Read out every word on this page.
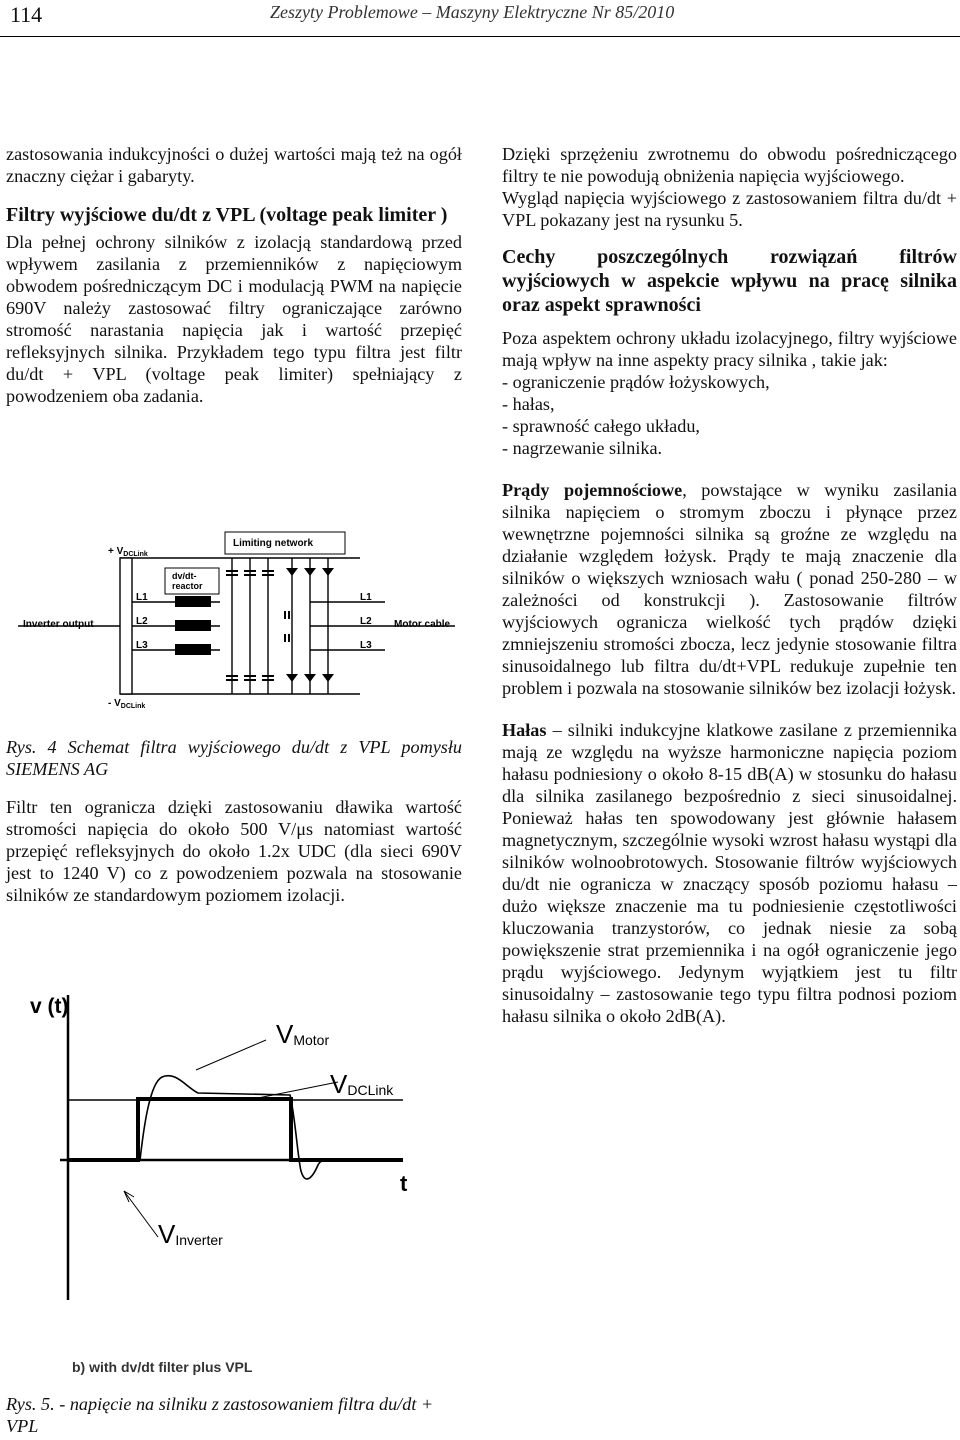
114	Zeszyty Problemowe – Maszyny Elektryczne Nr 85/2010

zastosowania indukcyjności o dużej wartości mają też na ogół znaczny ciężar i gabaryty.

Filtry wyjściowe du/dt z VPL (voltage peak limiter )

Dla pełnej ochrony silników z izolacją standardową przed wpływem zasilania z przemienników z napięciowym obwodem pośredniczącym DC i modulacją PWM na napięcie 690V należy zastosować filtry ograniczające zarówno stromość narastania napięcia jak i wartość przepięć refleksyjnych silnika. Przykładem tego typu filtra jest filtr du/dt + VPL (voltage peak limiter) spełniający z powodzeniem oba zadania.

Limiting network
+ $V_{DCLink}$
- $V_{DCLink}$
dv/dt-
reactor
Inverter output	Motor cable
L1
L2
L3
L1
L2
L3

Rys. 4 Schemat filtra wyjściowego du/dt z VPL pomysłu SIEMENS AG

Filtr ten ogranicza dzięki zastosowaniu dławika wartość stromości napięcia do około 500 V/μs natomiast wartość przepięć refleksyjnych do około 1.2x UDC (dla sieci 690V jest to 1240 V) co z powodzeniem pozwala na stosowanie silników ze standardowym poziomem izolacji.

v (t)
t
VMotor
VDCLink
VInverter
b) with dv/dt filter plus VPL

Rys. 5. - napięcie na silniku z zastosowaniem filtra du/dt + VPL

Dzięki sprzężeniu zwrotnemu do obwodu pośredniczącego filtry te nie powodują obniżenia napięcia wyjściowego.

Wygląd napięcia wyjściowego z zastosowaniem filtra du/dt + VPL pokazany jest na rysunku 5.

Cechy poszczególnych rozwiązań filtrów wyjściowych w aspekcie wpływu na pracę silnika oraz aspekt sprawności

Poza aspektem ochrony układu izolacyjnego, filtry wyjściowe mają wpływ na inne aspekty pracy silnika , takie jak:

- ograniczenie prądów łożyskowych,

- hałas,

- sprawność całego układu,

- nagrzewanie silnika.

Prądy pojemnościowe, powstające w wyniku zasilania silnika napięciem o stromym zboczu i płynące przez wewnętrzne pojemności silnika są groźne ze względu na działanie względem łożysk. Prądy te mają znaczenie dla silników o większych wzniosach wału ( ponad 250-280 – w zależności od konstrukcji ). Zastosowanie filtrów wyjściowych ogranicza wielkość tych prądów dzięki zmniejszeniu stromości zbocza, lecz jedynie stosowanie filtra sinusoidalnego lub filtra du/dt+VPL redukuje zupełnie ten problem i pozwala na stosowanie silników bez izolacji łożysk.

Hałas – silniki indukcyjne klatkowe zasilane z przemiennika mają ze względu na wyższe harmoniczne napięcia poziom hałasu podniesiony o około 8-15 dB(A) w stosunku do hałasu dla silnika zasilanego bezpośrednio z sieci sinusoidalnej. Ponieważ hałas ten spowodowany jest głównie hałasem magnetycznym, szczególnie wysoki wzrost hałasu wystąpi dla silników wolnoobrotowych. Stosowanie filtrów wyjściowych du/dt nie ogranicza w znaczący sposób poziomu hałasu – dużo większe znaczenie ma tu podniesienie częstotliwości kluczowania tranzystorów, co jednak niesie za sobą powiększenie strat przemiennika i na ogół ograniczenie jego prądu wyjściowego. Jedynym wyjątkiem jest tu filtr sinusoidalny – zastosowanie tego typu filtra podnosi poziom hałasu silnika o około 2dB(A).
